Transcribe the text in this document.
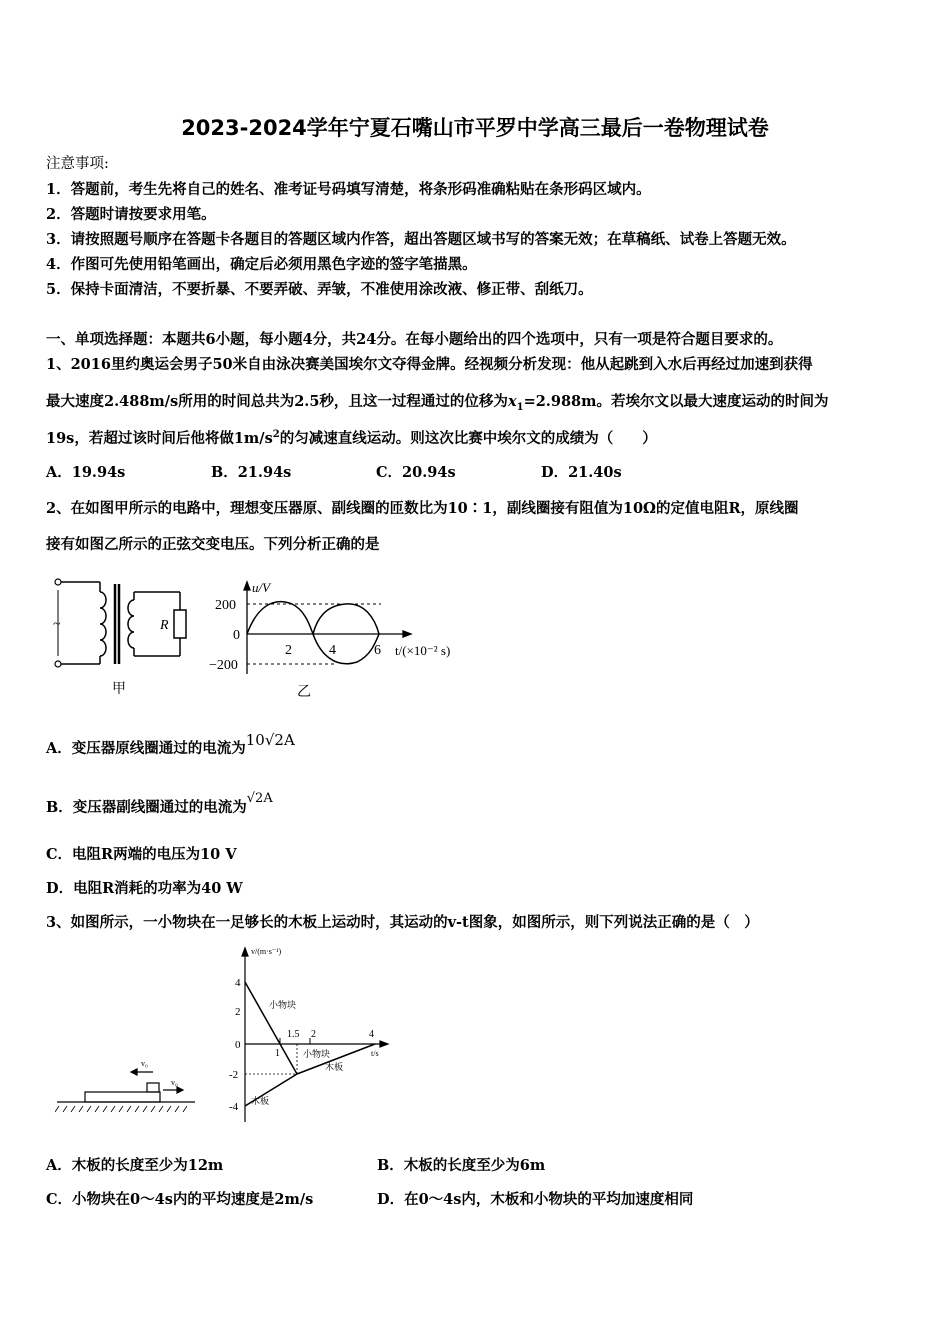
2023-2024学年宁夏石嘴山市平罗中学高三最后一卷物理试卷
注意事项:
1．答题前，考生先将自己的姓名、准考证号码填写清楚，将条形码准确粘贴在条形码区域内。
2．答题时请按要求用笔。
3．请按照题号顺序在答题卡各题目的答题区域内作答，超出答题区域书写的答案无效；在草稿纸、试卷上答题无效。
4．作图可先使用铅笔画出，确定后必须用黑色字迹的签字笔描黑。
5．保持卡面清洁，不要折暴、不要弄破、弄皱，不准使用涂改液、修正带、刮纸刀。
一、单项选择题：本题共6小题，每小题4分，共24分。在每小题给出的四个选项中，只有一项是符合题目要求的。
1、2016里约奥运会男子50米自由泳决赛美国埃尔文夺得金牌。经视频分析发现：他从起跳到入水后再经过加速到获得
最大速度2.488m/s所用的时间总共为2.5秒，且这一过程通过的位移为$x_1=2.988m$。若埃尔文以最大速度运动的时间为
19s，若超过该时间后他将做$1m/s^2$的匀减速直线运动。则这次比赛中埃尔文的成绩为（　　）
A．19.94s	B．21.94s	C．20.94s	D．21.40s
2、在如图甲所示的电路中，理想变压器原、副线圈的匝数比为10∶1，副线圈接有阻值为10Ω的定值电阻R，原线圈
接有如图乙所示的正弦交变电压。下列分析正确的是
~	R
甲
u/V
200
0
−200
2	4	6 t/(×10⁻² s)
乙
A．变压器原线圈通过的电流为10√2A
B．变压器副线圈通过的电流为√2A
C．电阻R两端的电压为10 V
D．电阻R消耗的功率为40 W
3、如图所示，一小物块在一足够长的木板上运动时，其运动的v-t图象，如图所示，则下列说法正确的是（　）
v₀
v₀
v/(m·s⁻¹)
4
2
0
-2
-4
1
1.5 2	4
t/s
小物块
小物块
木板
木板
A．木板的长度至少为12m	B．木板的长度至少为6m
C．小物块在0～4s内的平均速度是2m/s	D．在0～4s内，木板和小物块的平均加速度相同
